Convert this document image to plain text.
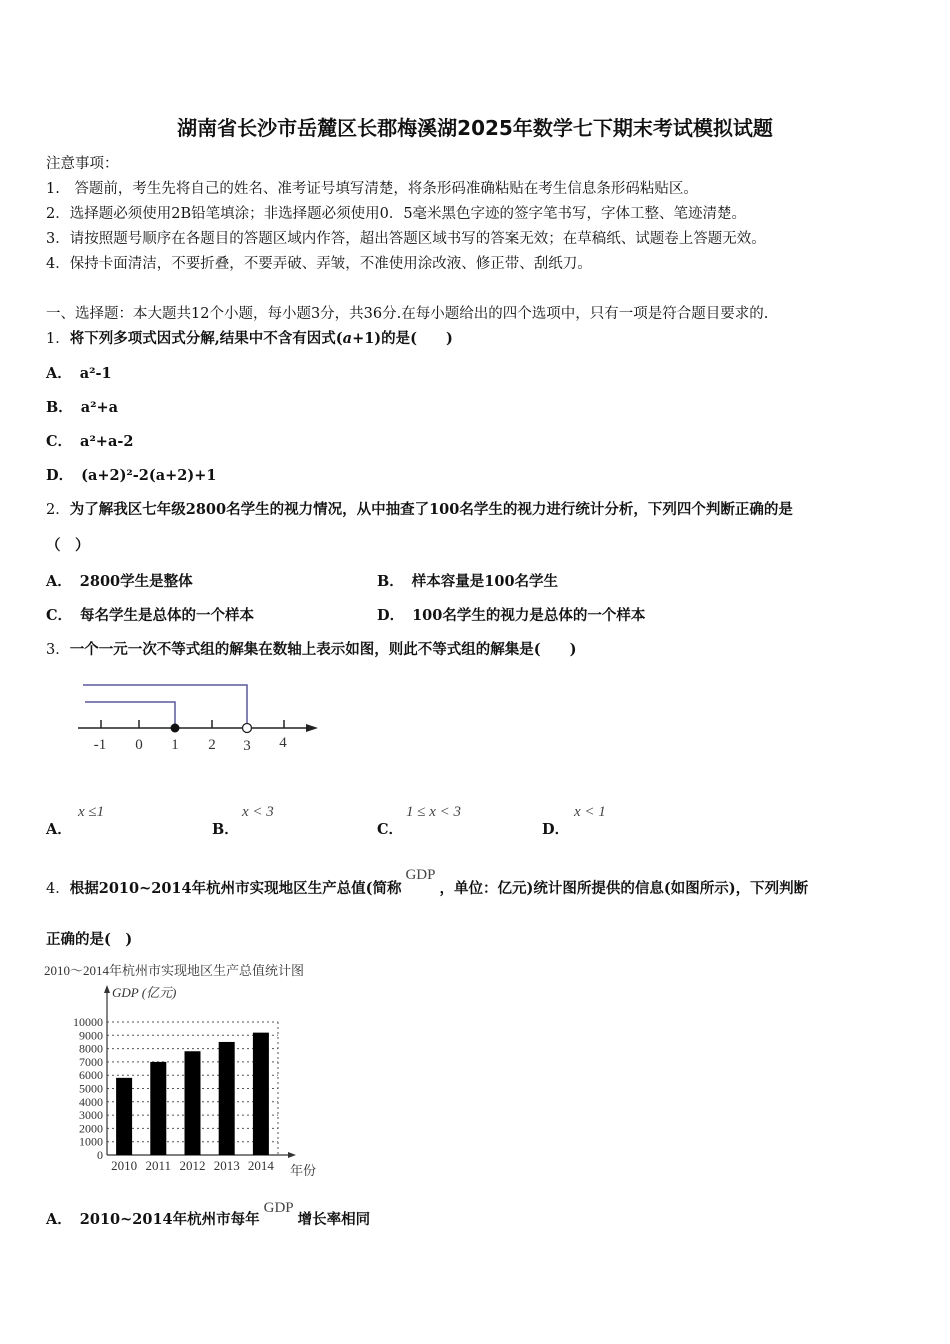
湖南省长沙市岳麓区长郡梅溪湖2025年数学七下期末考试模拟试题
注意事项：
1.　答题前，考生先将自己的姓名、准考证号填写清楚，将条形码准确粘贴在考生信息条形码粘贴区。
2．选择题必须使用2B铅笔填涂；非选择题必须使用0．5毫米黑色字迹的签字笔书写，字体工整、笔迹清楚。
3．请按照题号顺序在各题目的答题区域内作答，超出答题区域书写的答案无效；在草稿纸、试题卷上答题无效。
4．保持卡面清洁，不要折叠，不要弄破、弄皱，不准使用涂改液、修正带、刮纸刀。
一、选择题：本大题共12个小题，每小题3分，共36分.在每小题给出的四个选项中，只有一项是符合题目要求的.
1．将下列多项式因式分解,结果中不含有因式(a+1)的是(　　)
A． a²-1
B． a²+a
C． a²+a-2
D． (a+2)²-2(a+2)+1
2．为了解我区七年级2800名学生的视力情况，从中抽查了100名学生的视力进行统计分析，下列四个判断正确的是
（　）
A． 2800学生是整体	B． 样本容量是100名学生
C． 每名学生是总体的一个样本	D． 100名学生的视力是总体的一个样本
3．一个一元一次不等式组的解集在数轴上表示如图，则此不等式组的解集是(　　)
-1 0 1 2 3 4
A．
x ≤1
B．
x < 3
C．
1 ≤ x < 3
D．
x < 1
4．根据2010~2014年杭州市实现地区生产总值(简称GDP，单位：亿元)统计图所提供的信息(如图所示)，下列判断
正确的是(　)
2010～2014年杭州市实现地区生产总值统计图
GDP (亿元)
0
1000
2000
3000
4000
5000
6000
7000
8000
9000
10000
2010 2011 2012 2013 2014 年份
A． 2010~2014年杭州市每年GDP增长率相同
